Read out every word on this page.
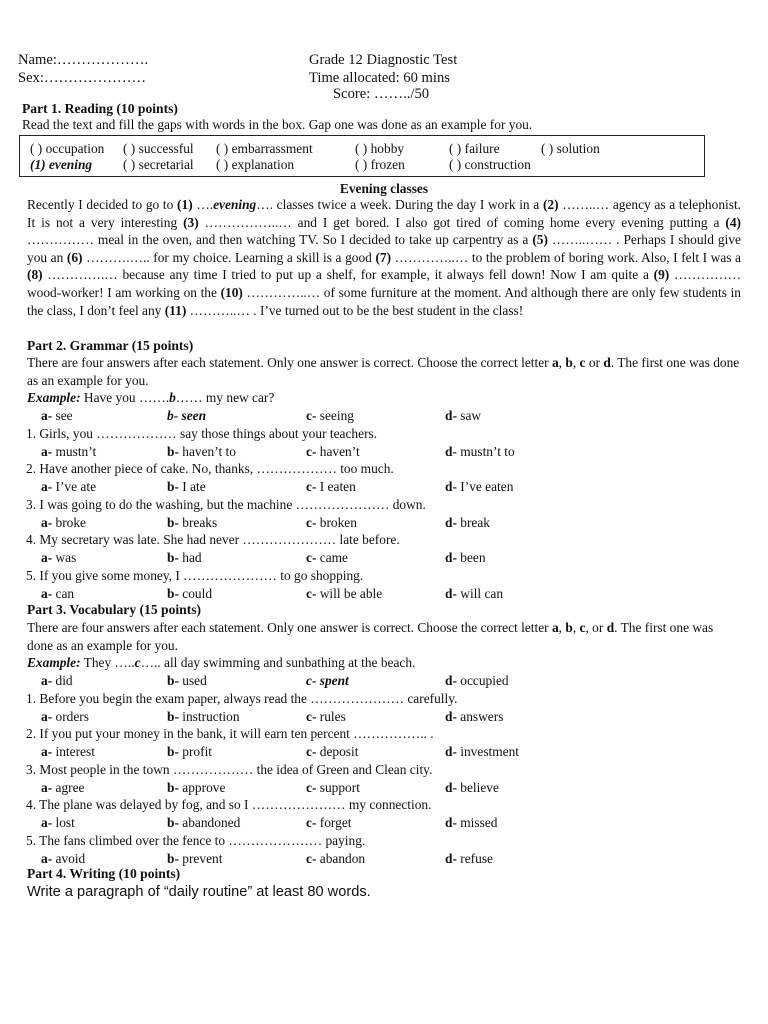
Name:……………….
Sex:…………………
Grade 12 Diagnostic Test
Time allocated: 60 mins
Score: ……../50
Part 1. Reading (10 points)
Read the text and fill the gaps with words in the box. Gap one was done as an example for you.
( ) occupation ( ) successful ( ) embarrassment	( ) hobby	( ) failure	( ) solution
(1) evening ( ) secretarial ( ) explanation	( ) frozen	( ) construction
Evening classes
Recently I decided to go to (1) ….evening…. classes twice a week. During the day I work in a (2) ……..… agency as a telephonist. It is not a very interesting (3) ……………..… and I get bored. I also got tired of coming home every evening putting a (4) …………… meal in the oven, and then watching TV. So I decided to take up carpentry as a (5) ……..…… . Perhaps I should give you an (6) ……….….. for my choice. Learning a skill is a good (7) …………..… to the problem of boring work. Also, I felt I was a (8) ………….… because any time I tried to put up a shelf, for example, it always fell down! Now I am quite a (9) …………… wood-worker! I am working on the (10) …………..… of some furniture at the moment. And although there are only few students in the class, I don’t feel any (11) ………..… . I’ve turned out to be the best student in the class!
Part 2. Grammar (15 points)
There are four answers after each statement. Only one answer is correct. Choose the correct letter a, b, c or d. The first one was done as an example for you.
Example: Have you …….b…… my new car?
a- see	b- seen	c- seeing	d- saw
1. Girls, you ……………… say those things about your teachers.
a- mustn’t	b- haven’t to	c- haven’t	d- mustn’t to
2. Have another piece of cake. No, thanks, ……………… too much.
a- I’ve ate	b- I ate	c- I eaten	d- I’ve eaten
3. I was going to do the washing, but the machine ………………… down.
a- broke	b- breaks	c- broken	d- break
4. My secretary was late. She had never ………………… late before.
a- was	b- had	c- came	d- been
5. If you give some money, I ………………… to go shopping.
a- can	b- could	c- will be able	d- will can
Part 3. Vocabulary (15 points)
There are four answers after each statement. Only one answer is correct. Choose the correct letter a, b, c, or d. The first one was done as an example for you.
Example: They …..c….. all day swimming and sunbathing at the beach.
a- did	b- used	c- spent	d- occupied
1. Before you begin the exam paper, always read the ………………… carefully.
a- orders	b- instruction	c- rules	d- answers
2. If you put your money in the bank, it will earn ten percent …………….. .
a- interest	b- profit	c- deposit	d- investment
3. Most people in the town ……………… the idea of Green and Clean city.
a- agree	b- approve	c- support	d- believe
4. The plane was delayed by fog, and so I ………………… my connection.
a- lost	b- abandoned	c- forget	d- missed
5. The fans climbed over the fence to ………………… paying.
a- avoid	b- prevent	c- abandon	d- refuse
Part 4. Writing (10 points)
Write a paragraph of “daily routine” at least 80 words.
